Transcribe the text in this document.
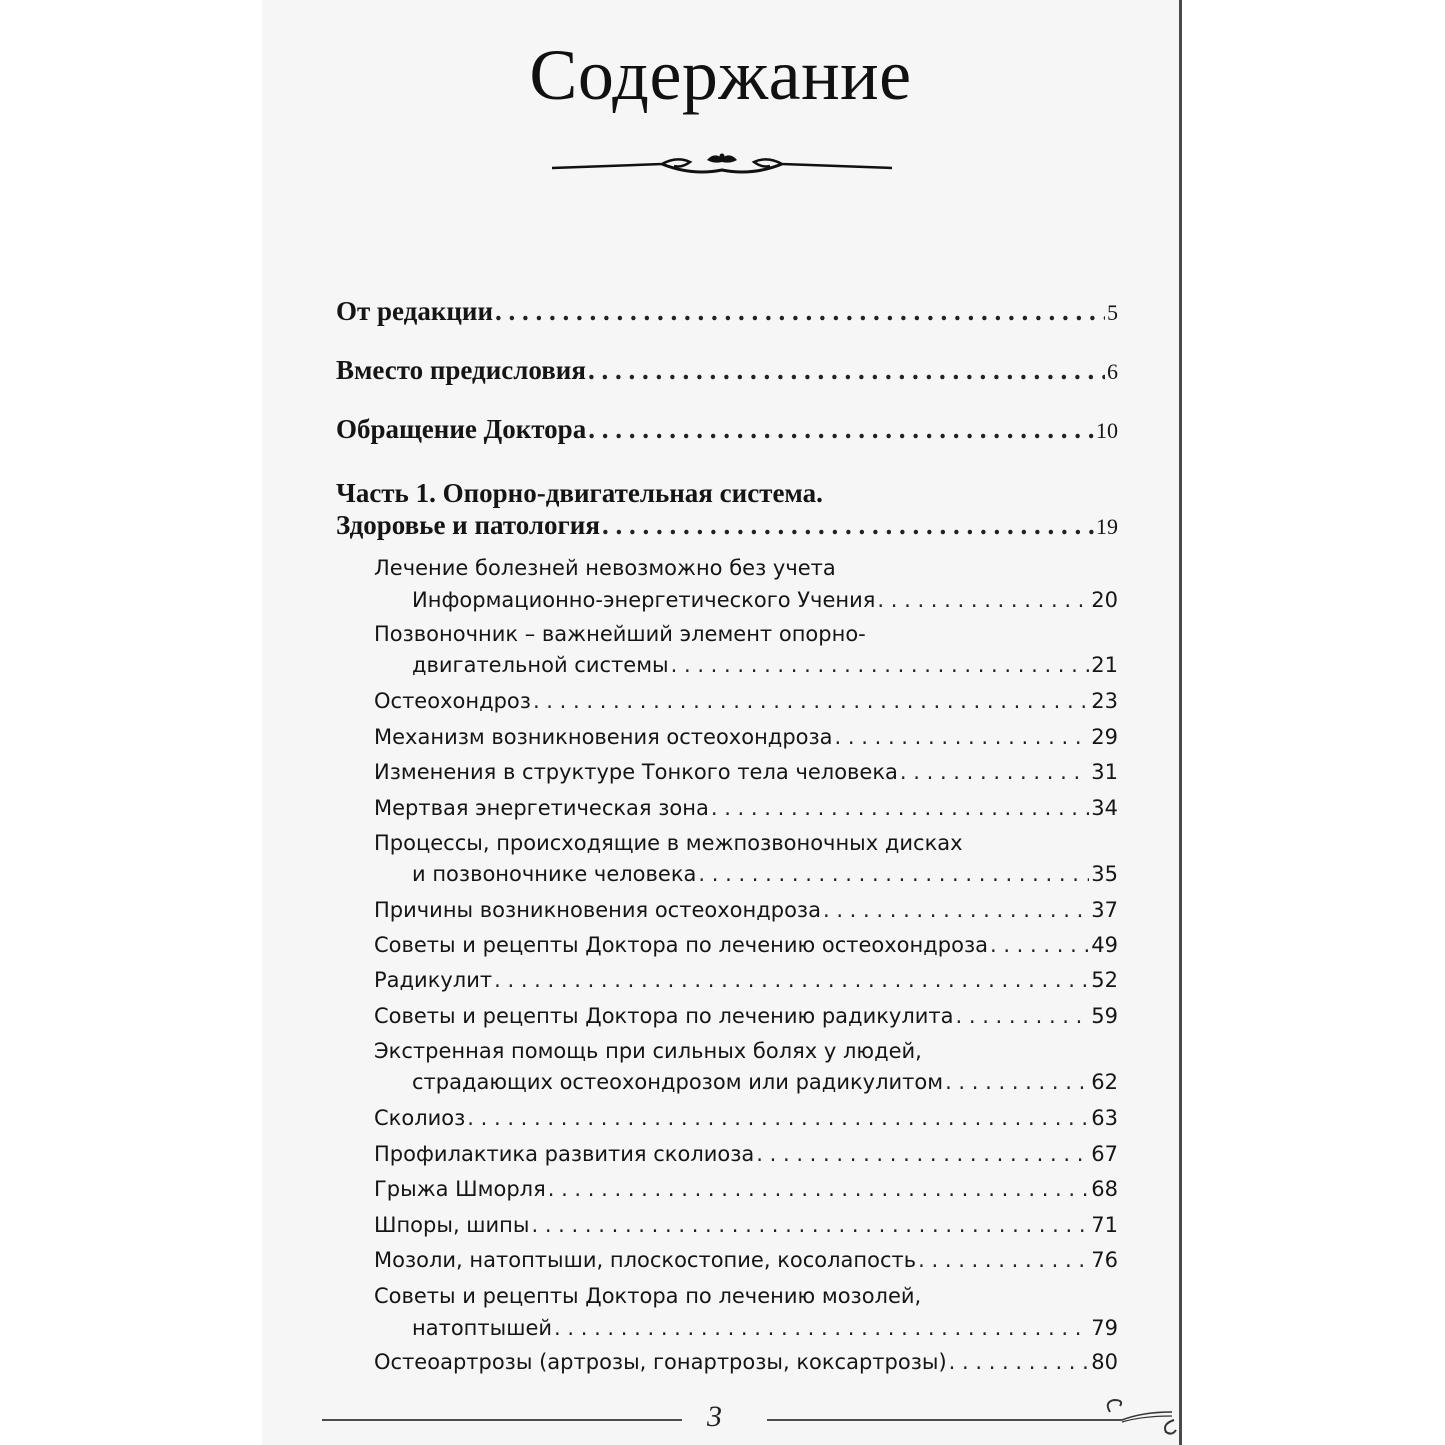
Содержание
От редакции . . .	5
Вместо предисловия . . .	6
Обращение Доктора . . .	10
Часть 1. Опорно-двигательная система.
Здоровье и патология . . .	19
Лечение болезней невозможно без учета
Информационно-энергетического Учения . . .	20
Позвоночник – важнейший элемент опорно-
двигательной системы . . .	21
Остеохондроз . . .	23
Механизм возникновения остеохондроза . . .	29
Изменения в структуре Тонкого тела человека . . .	31
Мертвая энергетическая зона . . .	34
Процессы, происходящие в межпозвоночных дисках
и позвоночнике человека . . .	35
Причины возникновения остеохондроза . . .	37
Советы и рецепты Доктора по лечению остеохондроза . . .	49
Радикулит . . .	52
Советы и рецепты Доктора по лечению радикулита . . .	59
Экстренная помощь при сильных болях у людей,
страдающих остеохондрозом или радикулитом . . .	62
Сколиоз . . .	63
Профилактика развития сколиоза . . .	67
Грыжа Шморля . . .	68
Шпоры, шипы . . .	71
Мозоли, натоптыши, плоскостопие, косолапость . . .	76
Советы и рецепты Доктора по лечению мозолей,
натоптышей . . .	79
Остеоартрозы (артрозы, гонартрозы, коксартрозы) . . .	80
3
